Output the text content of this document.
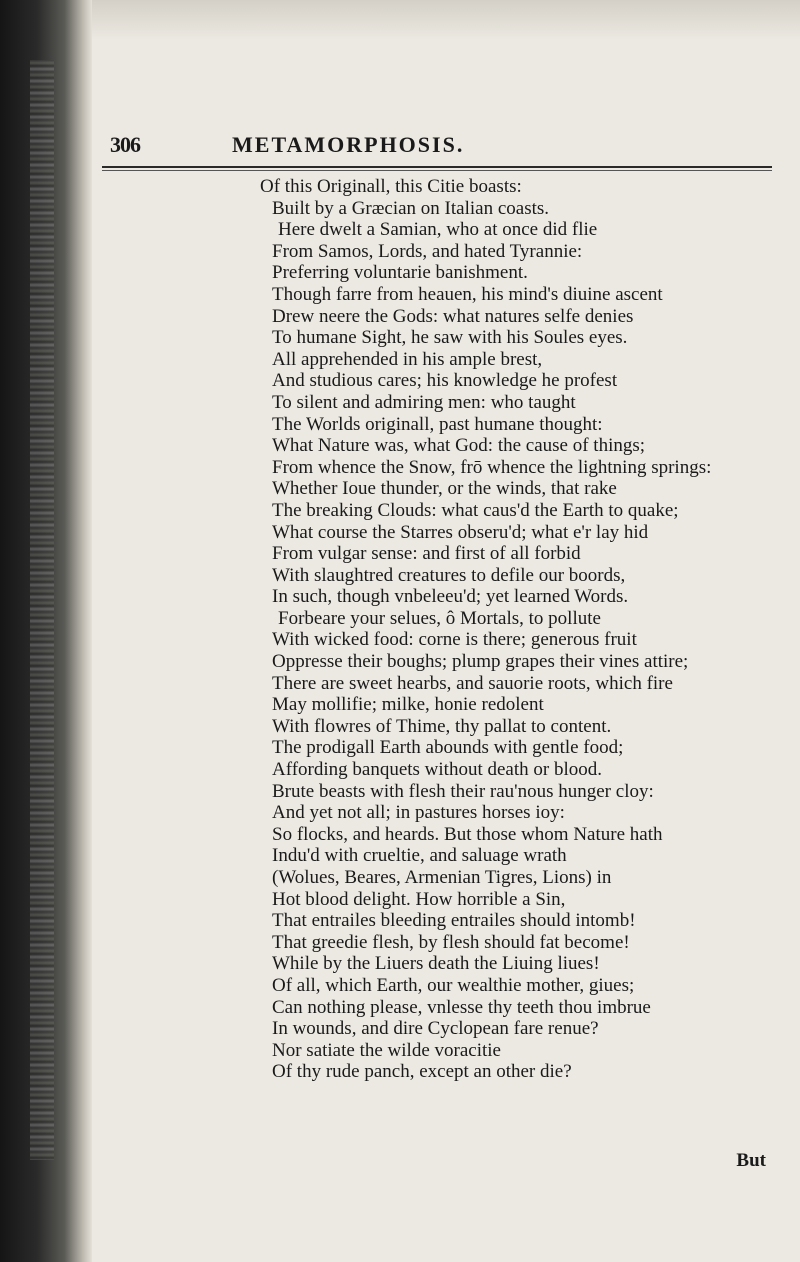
306	METAMORPHOSIS.
Of this Originall, this Citie boasts:
Built by a Græcian on Italian coasts.
Here dwelt a Samian, who at once did flie
From Samos, Lords, and hated Tyrannie:
Preferring voluntarie banishment.
Though farre from heauen, his mind's diuine ascent
Drew neere the Gods: what natures selfe denies
To humane Sight, he saw with his Soules eyes.
All apprehended in his ample brest,
And studious cares; his knowledge he profest
To silent and admiring men: who taught
The Worlds originall, past humane thought:
What Nature was, what God: the cause of things;
From whence the Snow, frō whence the lightning springs:
Whether Ioue thunder, or the winds, that rake
The breaking Clouds: what caus'd the Earth to quake;
What course the Starres obseru'd; what e'r lay hid
From vulgar sense: and first of all forbid
With slaughtred creatures to defile our boords,
In such, though vnbeleeu'd; yet learned Words.
Forbeare your selues, ô Mortals, to pollute
With wicked food: corne is there; generous fruit
Oppresse their boughs; plump grapes their vines attire;
There are sweet hearbs, and sauorie roots, which fire
May mollifie; milke, honie redolent
With flowres of Thime, thy pallat to content.
The prodigall Earth abounds with gentle food;
Affording banquets without death or blood.
Brute beasts with flesh their rau'nous hunger cloy:
And yet not all; in pastures horses ioy:
So flocks, and heards. But those whom Nature hath
Indu'd with crueltie, and saluage wrath
(Wolues, Beares, Armenian Tigres, Lions) in
Hot blood delight. How horrible a Sin,
That entrailes bleeding entrailes should intomb!
That greedie flesh, by flesh should fat become!
While by the Liuers death the Liuing liues!
Of all, which Earth, our wealthie mother, giues;
Can nothing please, vnlesse thy teeth thou imbrue
In wounds, and dire Cyclopean fare renue?
Nor satiate the wilde voracitie
Of thy rude panch, except an other die?
But
